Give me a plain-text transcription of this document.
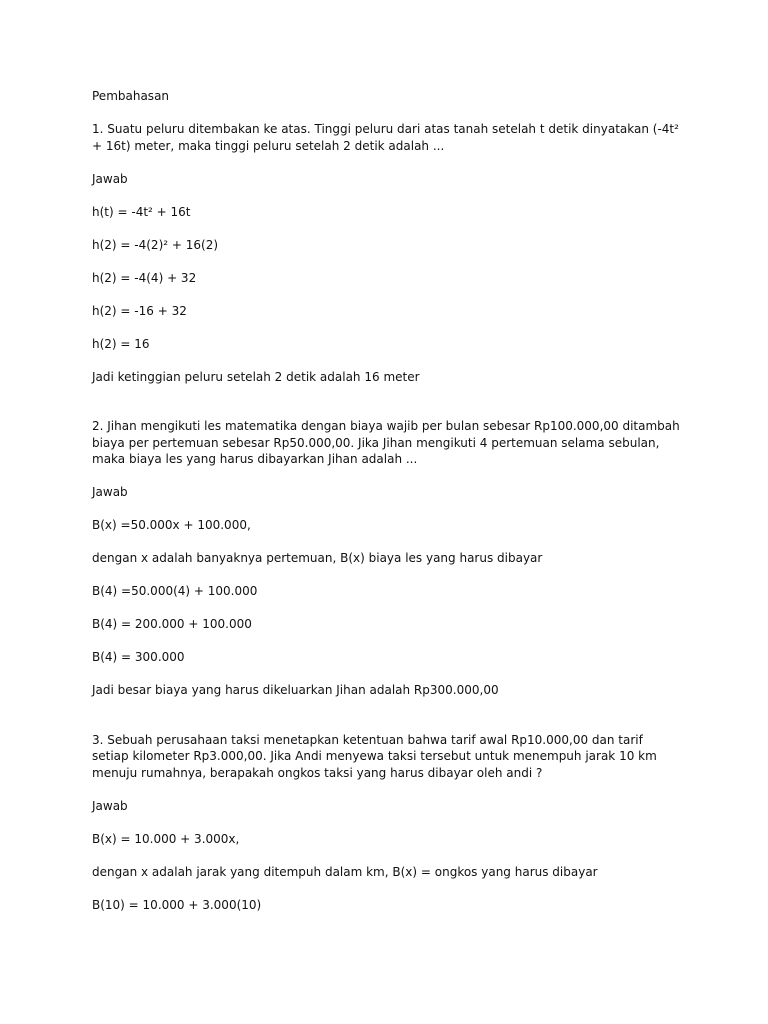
Pembahasan

1. Suatu peluru ditembakan ke atas. Tinggi peluru dari atas tanah setelah t detik dinyatakan (-4t² + 16t) meter, maka tinggi peluru setelah 2 detik adalah ...

Jawab

h(t) = -4t² + 16t

h(2) = -4(2)² + 16(2)

h(2) = -4(4) + 32

h(2) = -16 + 32

h(2) = 16

Jadi ketinggian peluru setelah 2 detik adalah 16 meter

2. Jihan mengikuti les matematika dengan biaya wajib per bulan sebesar Rp100.000,00 ditambah biaya per pertemuan sebesar Rp50.000,00. Jika Jihan mengikuti 4 pertemuan selama sebulan, maka biaya les yang harus dibayarkan Jihan adalah ...

Jawab

B(x) =50.000x + 100.000,

dengan x adalah banyaknya pertemuan, B(x) biaya les yang harus dibayar

B(4) =50.000(4) + 100.000

B(4) = 200.000 + 100.000

B(4) = 300.000

Jadi besar biaya yang harus dikeluarkan Jihan adalah Rp300.000,00

3. Sebuah perusahaan taksi menetapkan ketentuan bahwa tarif awal Rp10.000,00 dan tarif setiap kilometer Rp3.000,00. Jika Andi menyewa taksi tersebut untuk menempuh jarak 10 km menuju rumahnya, berapakah ongkos taksi yang harus dibayar oleh andi ?

Jawab

B(x) = 10.000 + 3.000x,

dengan x adalah jarak yang ditempuh dalam km, B(x) = ongkos yang harus dibayar

B(10) = 10.000 + 3.000(10)
